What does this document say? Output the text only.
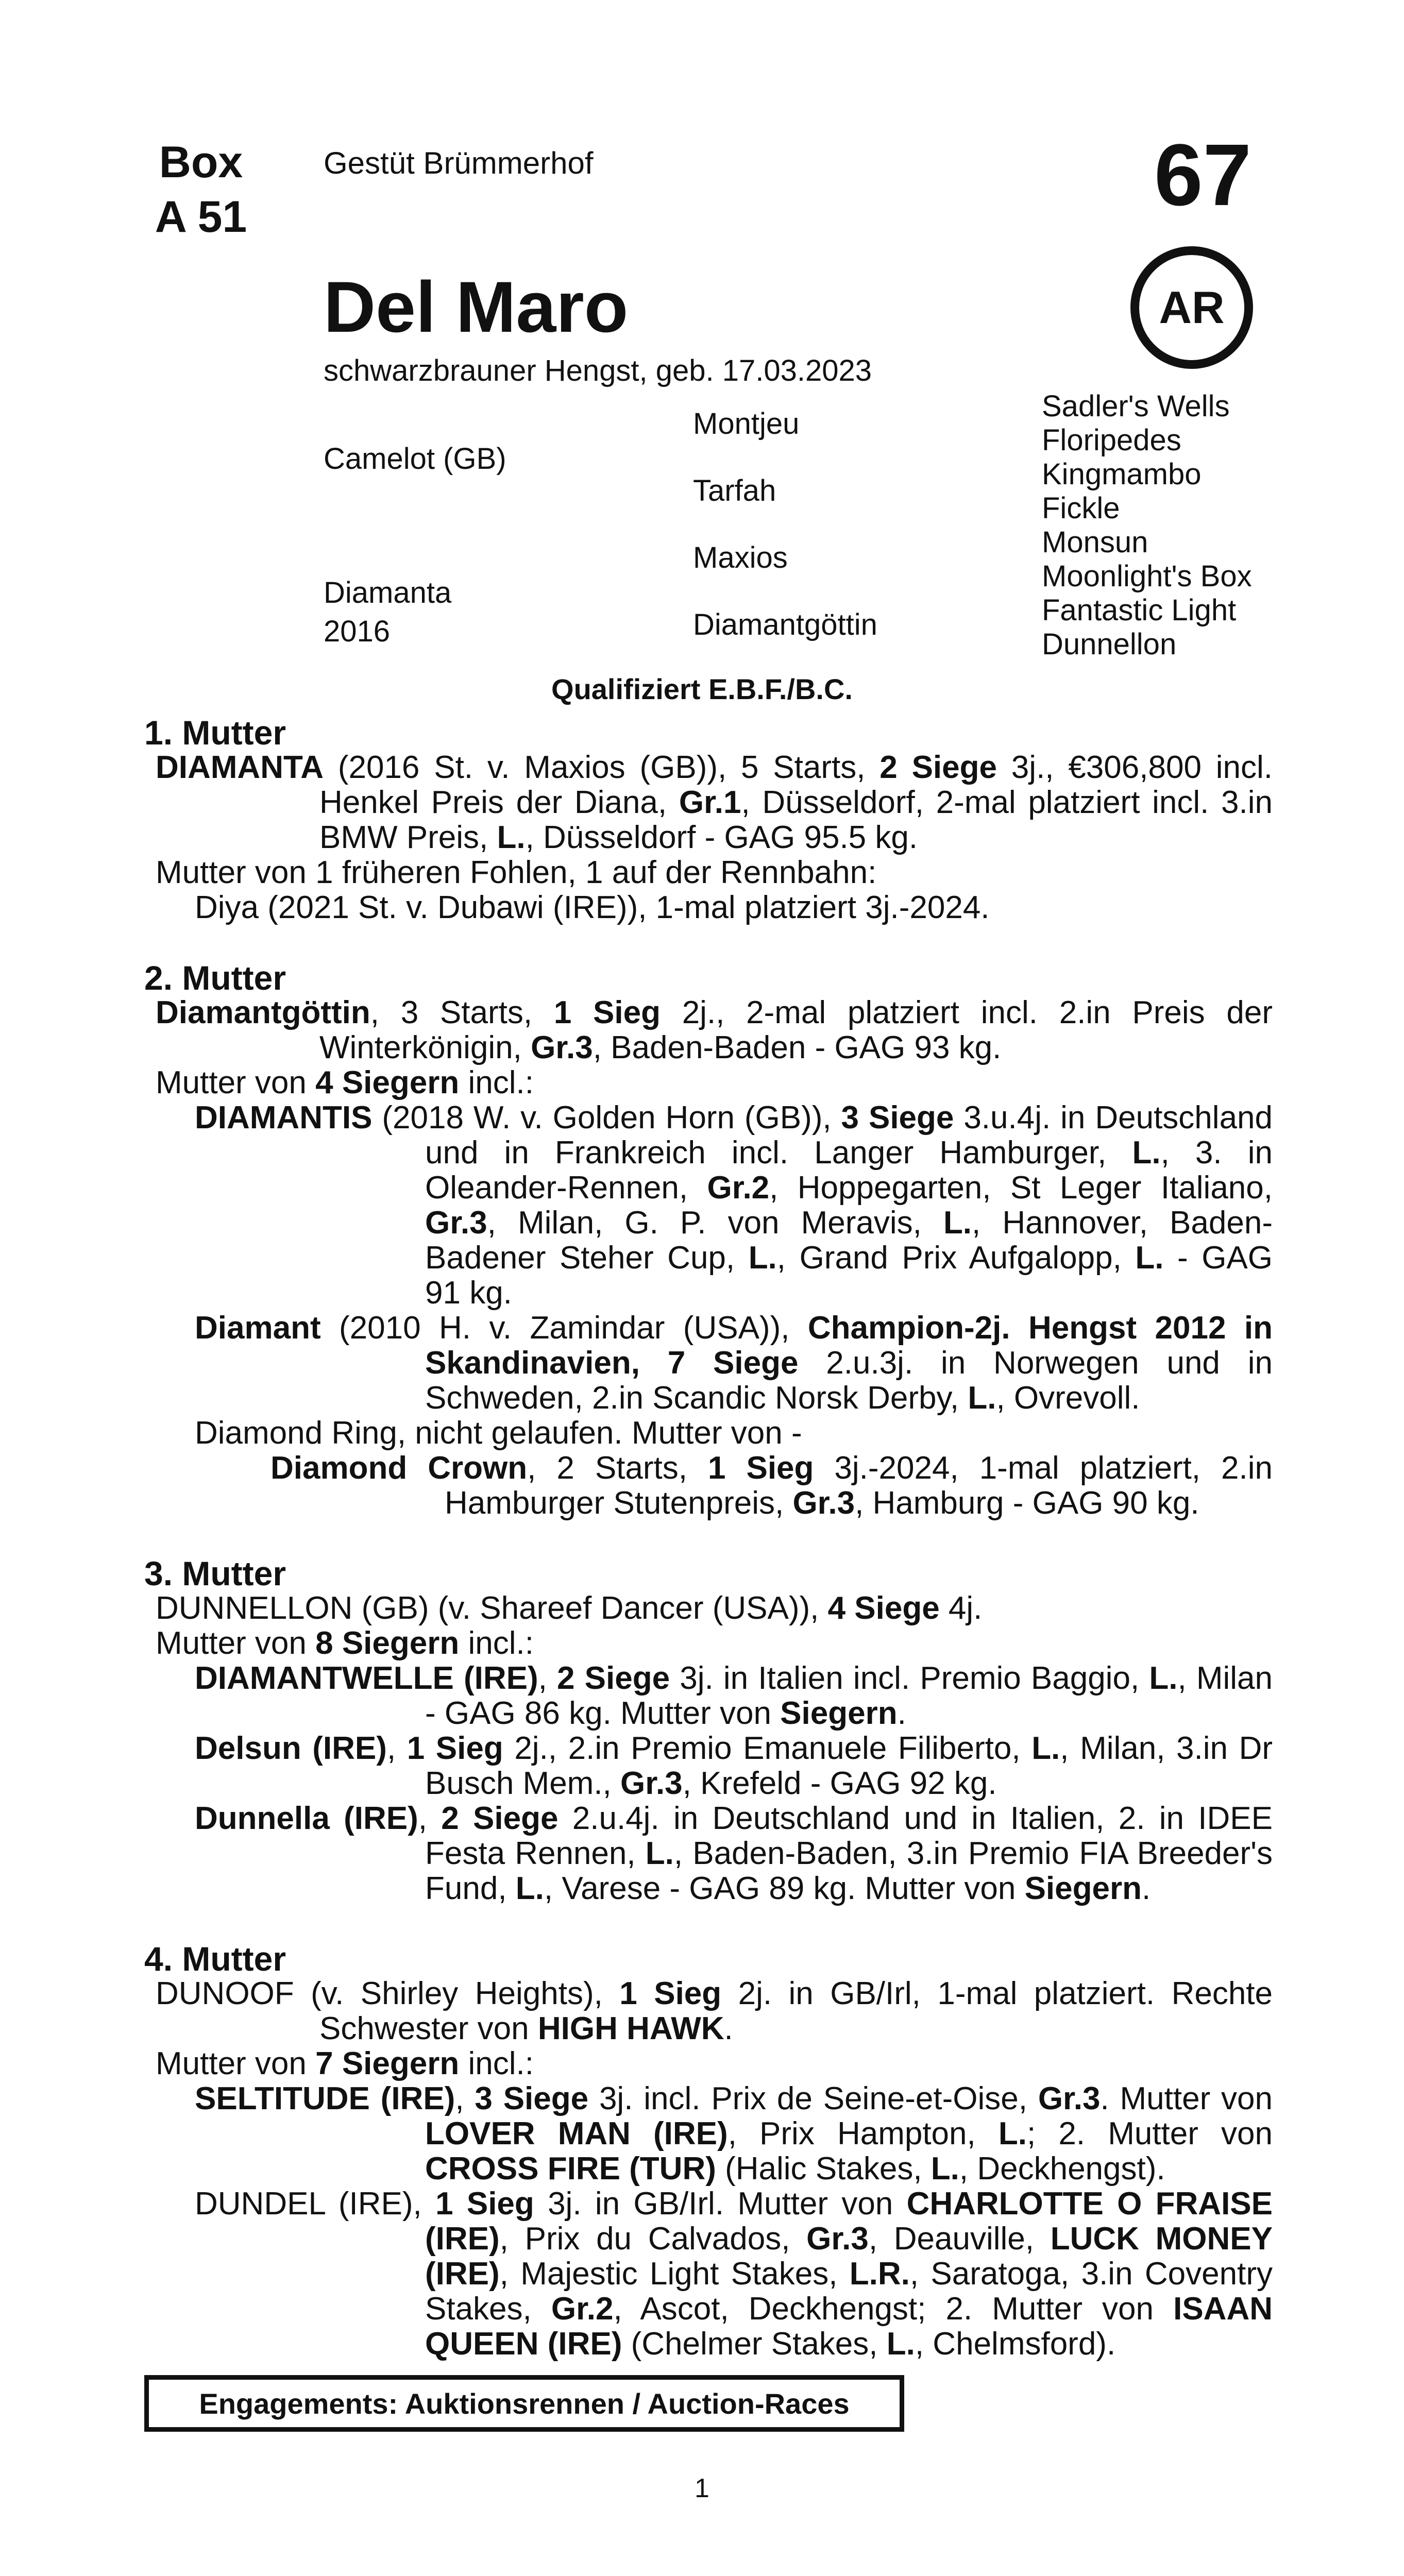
Box
A 51
Gestüt Brümmerhof	67
AR
Del Maro
schwarzbrauner Hengst, geb. 17.03.2023
Camelot (GB)
Diamanta
2016
Montjeu
Tarfah
Maxios
Diamantgöttin
Sadler's Wells
Floripedes
Kingmambo
Fickle
Monsun
Moonlight's Box
Fantastic Light
Dunnellon
Qualifiziert E.B.F./B.C.
1. Mutter

DIAMANTA (2016 St. v. Maxios (GB)), 5 Starts, 2 Siege 3j., €306,800 incl. Henkel Preis der Diana, Gr.1, Düsseldorf, 2-mal platziert incl. 3.in BMW Preis, L., Düsseldorf - GAG 95.5 kg.

Mutter von 1 früheren Fohlen, 1 auf der Rennbahn:

Diya (2021 St. v. Dubawi (IRE)), 1-mal platziert 3j.-2024.

2. Mutter

Diamantgöttin, 3 Starts, 1 Sieg 2j., 2-mal platziert incl. 2.in Preis der Winterkönigin, Gr.3, Baden-Baden - GAG 93 kg.

Mutter von 4 Siegern incl.:

DIAMANTIS (2018 W. v. Golden Horn (GB)), 3 Siege 3.u.4j. in Deutschland und in Frankreich incl. Langer Hamburger, L., 3. in Oleander-Rennen, Gr.2, Hoppegarten, St Leger Italiano, Gr.3, Milan, G. P. von Meravis, L., Hannover, Baden-Badener Steher Cup, L., Grand Prix Aufgalopp, L. - GAG 91 kg.

Diamant (2010 H. v. Zamindar (USA)), Champion-2j. Hengst 2012 in Skandinavien, 7 Siege 2.u.3j. in Norwegen und in Schweden, 2.in Scandic Norsk Derby, L., Ovrevoll.

Diamond Ring, nicht gelaufen. Mutter von -

Diamond Crown, 2 Starts, 1 Sieg 3j.-2024, 1-mal platziert, 2.in Hamburger Stutenpreis, Gr.3, Hamburg - GAG 90 kg.

3. Mutter

DUNNELLON (GB) (v. Shareef Dancer (USA)), 4 Siege 4j.

Mutter von 8 Siegern incl.:

DIAMANTWELLE (IRE), 2 Siege 3j. in Italien incl. Premio Baggio, L., Milan - GAG 86 kg. Mutter von Siegern.

Delsun (IRE), 1 Sieg 2j., 2.in Premio Emanuele Filiberto, L., Milan, 3.in Dr Busch Mem., Gr.3, Krefeld - GAG 92 kg.

Dunnella (IRE), 2 Siege 2.u.4j. in Deutschland und in Italien, 2. in IDEE Festa Rennen, L., Baden-Baden, 3.in Premio FIA Breeder's Fund, L., Varese - GAG 89 kg. Mutter von Siegern.

4. Mutter

DUNOOF (v. Shirley Heights), 1 Sieg 2j. in GB/Irl, 1-mal platziert. Rechte Schwester von HIGH HAWK.

Mutter von 7 Siegern incl.:

SELTITUDE (IRE), 3 Siege 3j. incl. Prix de Seine-et-Oise, Gr.3. Mutter von LOVER MAN (IRE), Prix Hampton, L.; 2. Mutter von CROSS FIRE (TUR) (Halic Stakes, L., Deckhengst).

DUNDEL (IRE), 1 Sieg 3j. in GB/Irl. Mutter von CHARLOTTE O FRAISE (IRE), Prix du Calvados, Gr.3, Deauville, LUCK MONEY (IRE), Majestic Light Stakes, L.R., Saratoga, 3.in Coventry Stakes, Gr.2, Ascot, Deckhengst; 2. Mutter von ISAAN QUEEN (IRE) (Chelmer Stakes, L., Chelmsford).

Engagements: Auktionsrennen / Auction-Races
1
